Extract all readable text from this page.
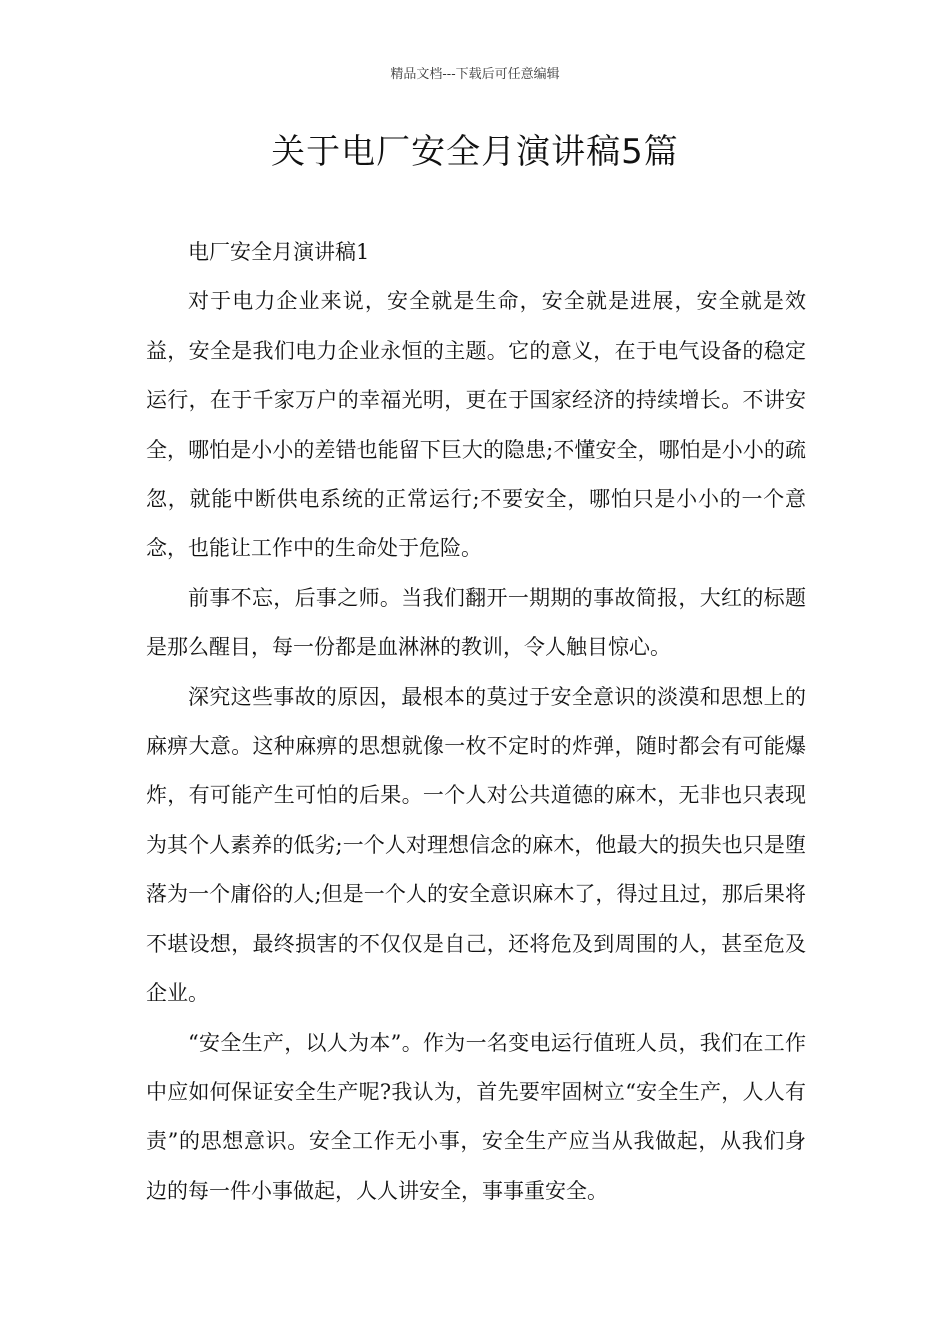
精品文档---下载后可任意编辑
关于电厂安全月演讲稿5篇

电厂安全月演讲稿1

对于电力企业来说，安全就是生命，安全就是进展，安全就是效益，安全是我们电力企业永恒的主题。它的意义，在于电气设备的稳定运行，在于千家万户的幸福光明，更在于国家经济的持续增长。不讲安全，哪怕是小小的差错也能留下巨大的隐患;不懂安全，哪怕是小小的疏忽，就能中断供电系统的正常运行;不要安全，哪怕只是小小的一个意念，也能让工作中的生命处于危险。

前事不忘，后事之师。当我们翻开一期期的事故简报，大红的标题是那么醒目，每一份都是血淋淋的教训，令人触目惊心。

深究这些事故的原因，最根本的莫过于安全意识的淡漠和思想上的麻痹大意。这种麻痹的思想就像一枚不定时的炸弹，随时都会有可能爆炸，有可能产生可怕的后果。一个人对公共道德的麻木，无非也只表现为其个人素养的低劣;一个人对理想信念的麻木，他最大的损失也只是堕落为一个庸俗的人;但是一个人的安全意识麻木了，得过且过，那后果将不堪设想，最终损害的不仅仅是自己，还将危及到周围的人，甚至危及企业。

“安全生产，以人为本”。作为一名变电运行值班人员，我们在工作中应如何保证安全生产呢?我认为，首先要牢固树立“安全生产，人人有责”的思想意识。安全工作无小事，安全生产应当从我做起，从我们身边的每一件小事做起，人人讲安全，事事重安全。
